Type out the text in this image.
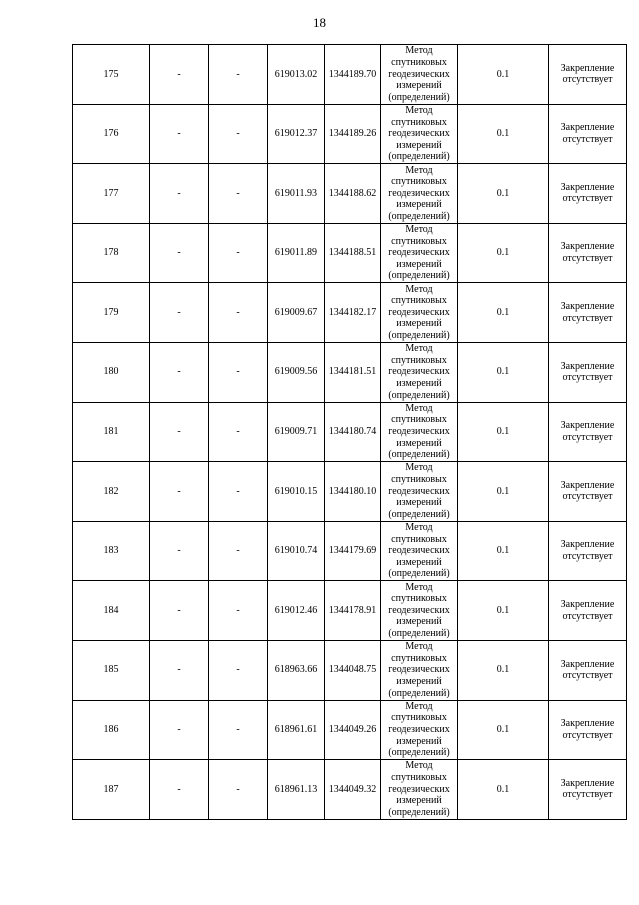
18
175	-	-	619013.02	1344189.70	Метод
спутниковых
геодезических
измерений
(определений)	0.1	Закрепление
отсутствует

176	-	-	619012.37	1344189.26	Метод
спутниковых
геодезических
измерений
(определений)	0.1	Закрепление
отсутствует

177	-	-	619011.93	1344188.62	Метод
спутниковых
геодезических
измерений
(определений)	0.1	Закрепление
отсутствует

178	-	-	619011.89	1344188.51	Метод
спутниковых
геодезических
измерений
(определений)	0.1	Закрепление
отсутствует

179	-	-	619009.67	1344182.17	Метод
спутниковых
геодезических
измерений
(определений)	0.1	Закрепление
отсутствует

180	-	-	619009.56	1344181.51	Метод
спутниковых
геодезических
измерений
(определений)	0.1	Закрепление
отсутствует

181	-	-	619009.71	1344180.74	Метод
спутниковых
геодезических
измерений
(определений)	0.1	Закрепление
отсутствует

182	-	-	619010.15	1344180.10	Метод
спутниковых
геодезических
измерений
(определений)	0.1	Закрепление
отсутствует

183	-	-	619010.74	1344179.69	Метод
спутниковых
геодезических
измерений
(определений)	0.1	Закрепление
отсутствует

184	-	-	619012.46	1344178.91	Метод
спутниковых
геодезических
измерений
(определений)	0.1	Закрепление
отсутствует

185	-	-	618963.66	1344048.75	Метод
спутниковых
геодезических
измерений
(определений)	0.1	Закрепление
отсутствует

186	-	-	618961.61	1344049.26	Метод
спутниковых
геодезических
измерений
(определений)	0.1	Закрепление
отсутствует

187	-	-	618961.13	1344049.32	Метод
спутниковых
геодезических
измерений
(определений)	0.1	Закрепление
отсутствует
